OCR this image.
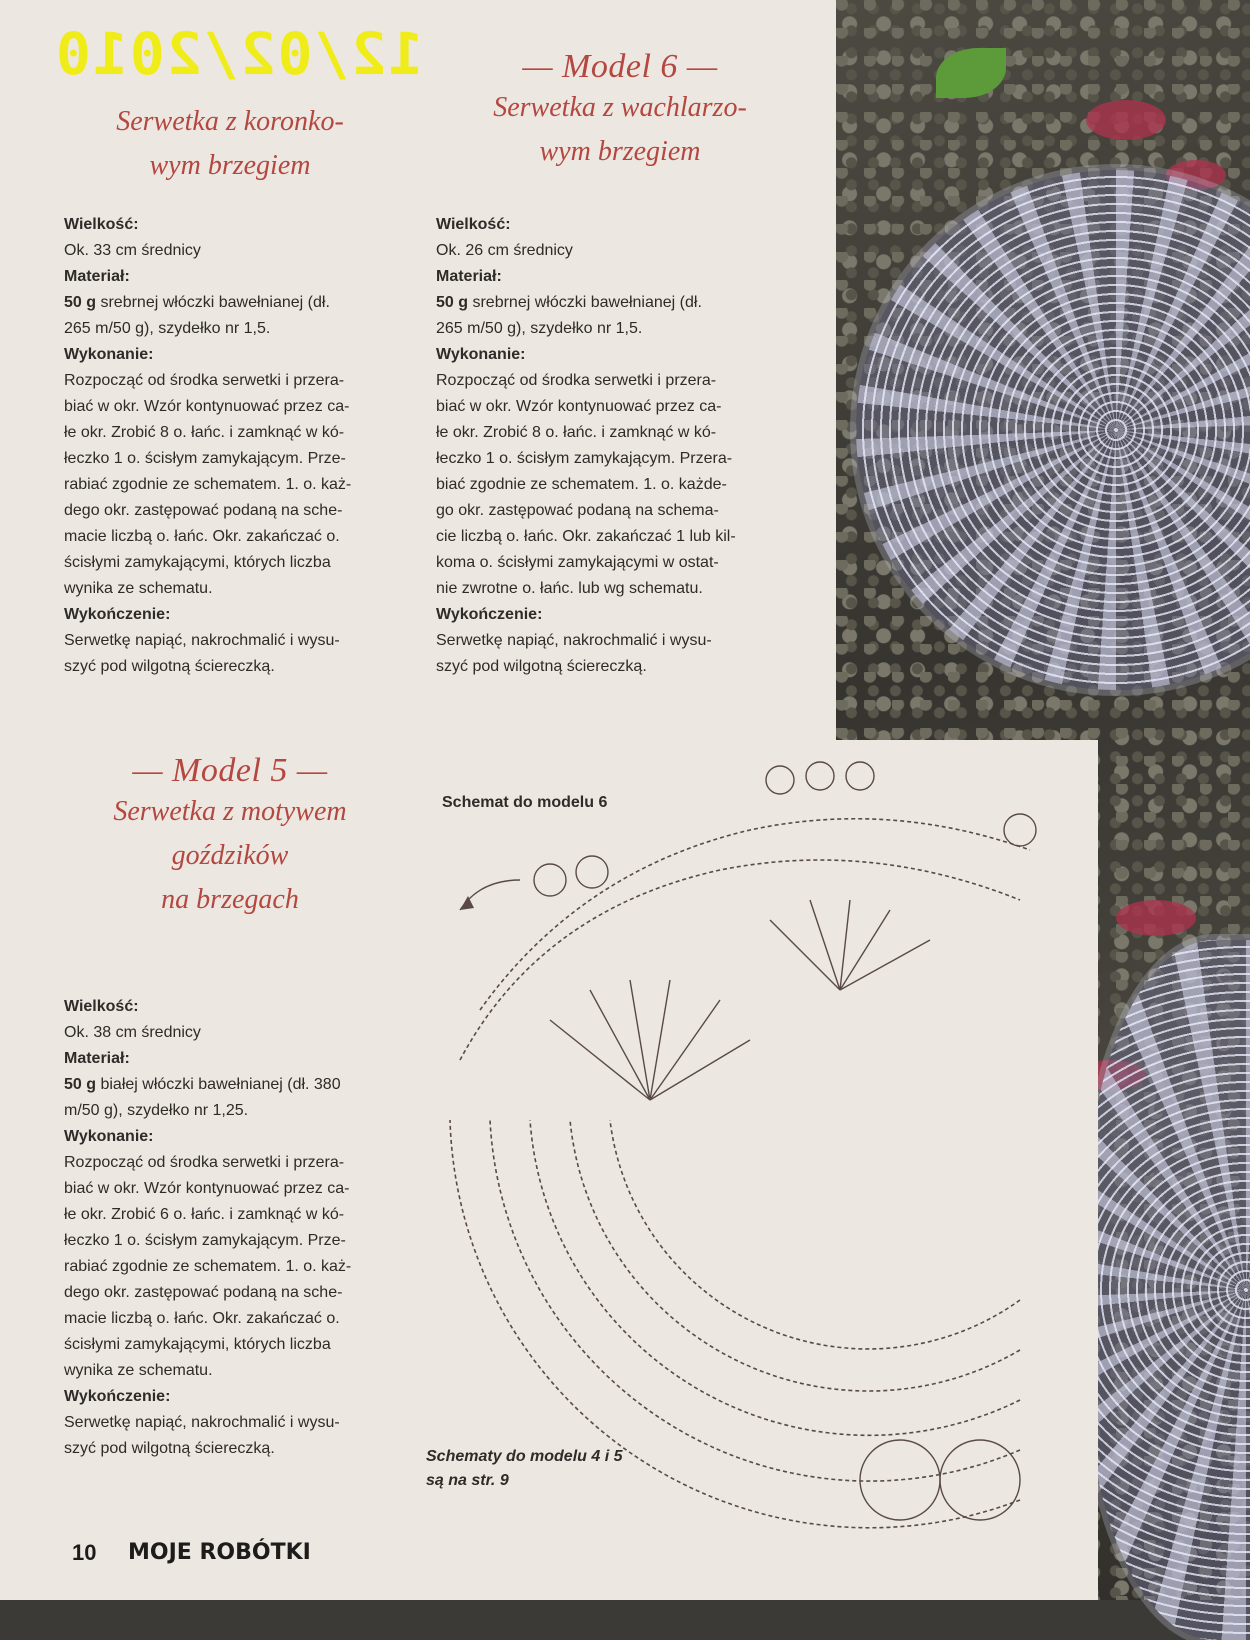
12/02/2010
Serwetka z koronko-
wym brzegiem
Wielkość:

Ok. 33 cm średnicy

Materiał:

50 g srebrnej włóczki bawełnianej (dł.

265 m/50 g), szydełko nr 1,5.

Wykonanie:

Rozpocząć od środka serwetki i przera-

biać w okr. Wzór kontynuować przez ca-

łe okr. Zrobić 8 o. łańc. i zamknąć w kó-

łeczko 1 o. ścisłym zamykającym. Prze-

rabiać zgodnie ze schematem. 1. o. każ-

dego okr. zastępować podaną na sche-

macie liczbą o. łańc. Okr. zakańczać o.

ścisłymi zamykającymi, których liczba

wynika ze schematu.

Wykończenie:

Serwetkę napiąć, nakrochmalić i wysu-

szyć pod wilgotną ściereczką.

— Model 6 —
Serwetka z wachlarzo-
wym brzegiem
Wielkość:

Ok. 26 cm średnicy

Materiał:

50 g srebrnej włóczki bawełnianej (dł.

265 m/50 g), szydełko nr 1,5.

Wykonanie:

Rozpocząć od środka serwetki i przera-

biać w okr. Wzór kontynuować przez ca-

łe okr. Zrobić 8 o. łańc. i zamknąć w kó-

łeczko 1 o. ścisłym zamykającym. Przera-

biać zgodnie ze schematem. 1. o. każde-

go okr. zastępować podaną na schema-

cie liczbą o. łańc. Okr. zakańczać 1 lub kil-

koma o. ścisłymi zamykającymi w ostat-

nie zwrotne o. łańc. lub wg schematu.

Wykończenie:

Serwetkę napiąć, nakrochmalić i wysu-

szyć pod wilgotną ściereczką.

— Model 5 —
Serwetka z motywem
goździków
na brzegach
Wielkość:

Ok. 38 cm średnicy

Materiał:

50 g białej włóczki bawełnianej (dł. 380

m/50 g), szydełko nr 1,25.

Wykonanie:

Rozpocząć od środka serwetki i przera-

biać w okr. Wzór kontynuować przez ca-

łe okr. Zrobić 6 o. łańc. i zamknąć w kó-

łeczko 1 o. ścisłym zamykającym. Prze-

rabiać zgodnie ze schematem. 1. o. każ-

dego okr. zastępować podaną na sche-

macie liczbą o. łańc. Okr. zakańczać o.

ścisłymi zamykającymi, których liczba

wynika ze schematu.

Wykończenie:

Serwetkę napiąć, nakrochmalić i wysu-

szyć pod wilgotną ściereczką.

Schemat do modelu 6
Schematy do modelu 4 i 5
są na str. 9
10 MOJE ROBÓTKI
